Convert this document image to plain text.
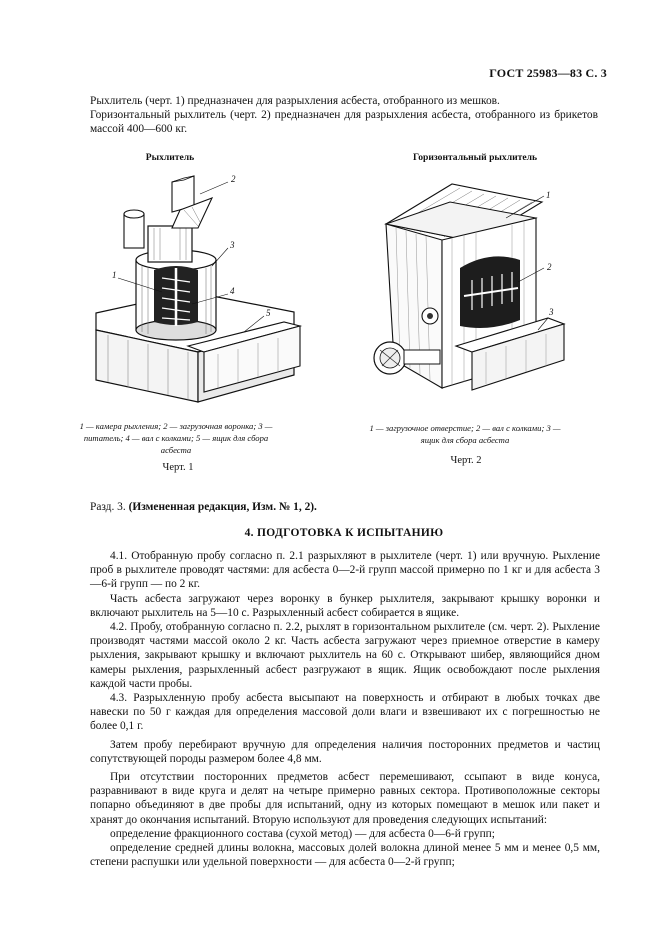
ГОСТ 25983—83 С. 3
Рыхлитель (черт. 1) предназначен для разрыхления асбеста, отобранного из мешков.
Горизонтальный рыхлитель (черт. 2) предназначен для разрыхления асбеста, отобранного из брикетов массой 400—600 кг.
Рыхлитель
2
3
1
4
5
1 — камера рыхления; 2 — загрузочная воронка; 3 — питатель; 4 — вал с колками; 5 — ящик для сбора асбеста
Черт. 1
Горизонтальный рыхлитель
1
2
3
1 — загрузочное отверстие; 2 — вал с колками; 3 — ящик для сбора асбеста
Черт. 2
Разд. 3. (Измененная редакция, Изм. № 1, 2).
4. ПОДГОТОВКА К ИСПЫТАНИЮ
4.1. Отобранную пробу согласно п. 2.1 разрыхляют в рыхлителе (черт. 1) или вручную. Рыхление проб в рыхлителе проводят частями: для асбеста 0—2-й групп массой примерно по 1 кг и для асбеста 3—6-й групп — по 2 кг.
Часть асбеста загружают через воронку в бункер рыхлителя, закрывают крышку воронки и включают рыхлитель на 5—10 с. Разрыхленный асбест собирается в ящике.
4.2. Пробу, отобранную согласно п. 2.2, рыхлят в горизонтальном рыхлителе (см. черт. 2). Рыхление производят частями массой около 2 кг. Часть асбеста загружают через приемное отверстие в камеру рыхления, закрывают крышку и включают рыхлитель на 60 с. Открывают шибер, являющийся дном камеры рыхления, разрыхленный асбест разгружают в ящик. Ящик освобождают после рыхления каждой части пробы.
4.3. Разрыхленную пробу асбеста высыпают на поверхность и отбирают в любых точках две навески по 50 г каждая для определения массовой доли влаги и взвешивают их с погрешностью не более 0,1 г.
Затем пробу перебирают вручную для определения наличия посторонних предметов и частиц сопутствующей породы размером более 4,8 мм.
При отсутствии посторонних предметов асбест перемешивают, ссыпают в виде конуса, разравнивают в виде круга и делят на четыре примерно равных сектора. Противоположные секторы попарно объединяют в две пробы для испытаний, одну из которых помещают в мешок или пакет и хранят до окончания испытаний. Вторую используют для проведения следующих испытаний:
определение фракционного состава (сухой метод) — для асбеста 0—6-й групп;
определение средней длины волокна, массовых долей волокна длиной менее 5 мм и менее 0,5 мм, степени распушки или удельной поверхности — для асбеста 0—2-й групп;
